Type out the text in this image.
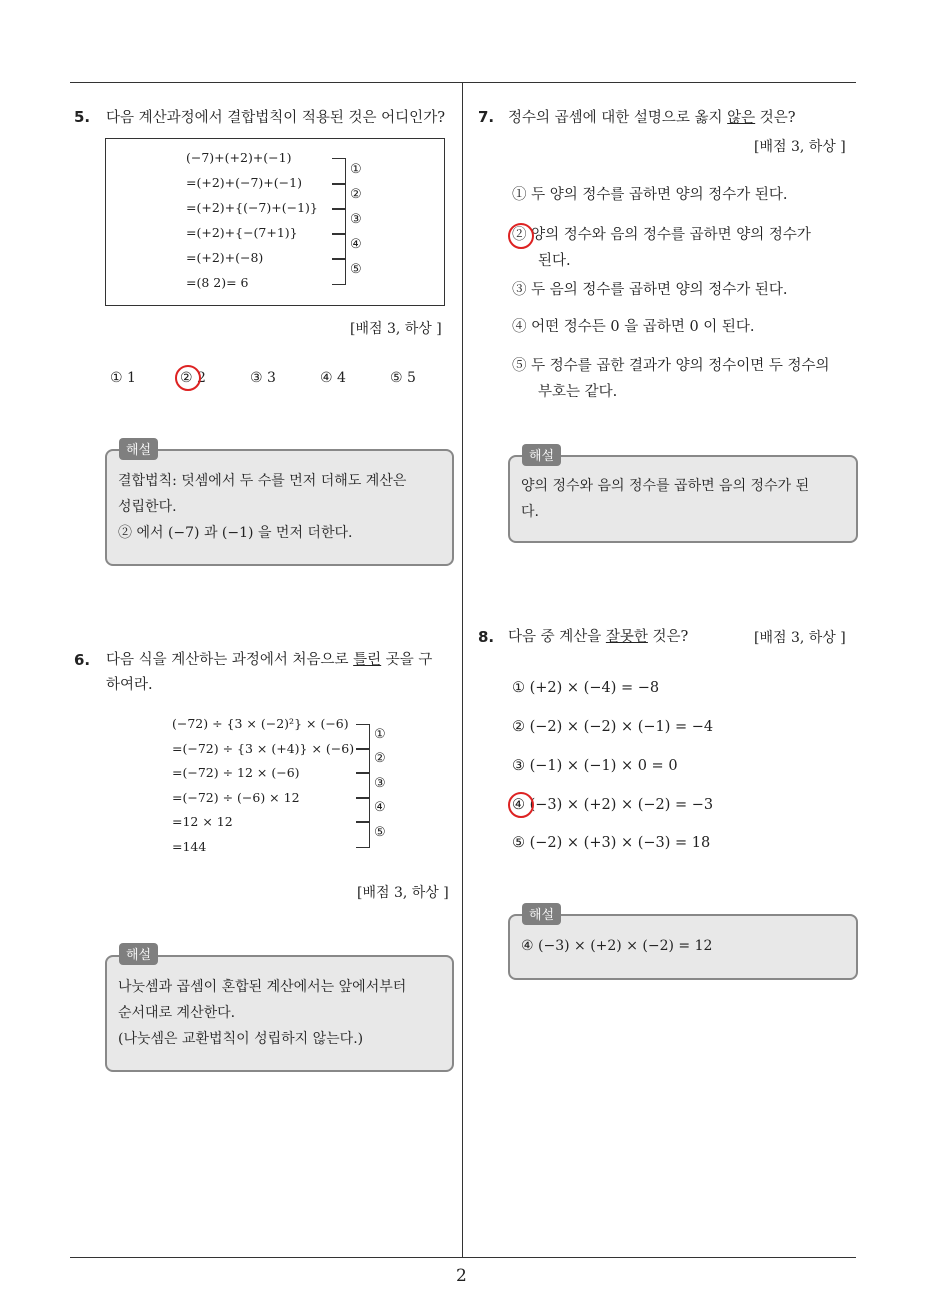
2
5. 다음 계산과정에서 결합법칙이 적용된 것은 어디인가?
(−7)+(+2)+(−1)
=(+2)+(−7)+(−1)
=(+2)+{(−7)+(−1)}
=(+2)+{−(7+1)}
=(+2)+(−8)
=(8 2)= 6
①
②
③
④
⑤
[배점 3, 하상 ]
① 1	② 2	③ 3	④ 4	⑤ 5
해설
결합법칙: 덧셈에서 두 수를 먼저 더해도 계산은
성립한다.
② 에서 (−7) 과 (−1) 을 먼저 더한다.
6. 다음 식을 계산하는 과정에서 처음으로 틀린 곳을 구
하여라.
(−72) ÷ {3 × (−2)²} × (−6)
=(−72) ÷ {3 × (+4)} × (−6)
=(−72) ÷ 12 × (−6)
=(−72) ÷ (−6) × 12
=12 × 12
=144
①
②
③
④
⑤
[배점 3, 하상 ]
해설
나눗셈과 곱셈이 혼합된 계산에서는 앞에서부터
순서대로 계산한다.
(나눗셈은 교환법칙이 성립하지 않는다.)
7. 정수의 곱셈에 대한 설명으로 옳지 않은 것은?
[배점 3, 하상 ]
① 두 양의 정수를 곱하면 양의 정수가 된다.
② 양의 정수와 음의 정수를 곱하면 양의 정수가
된다.
③ 두 음의 정수를 곱하면 양의 정수가 된다.
④ 어떤 정수든 0 을 곱하면 0 이 된다.
⑤ 두 정수를 곱한 결과가 양의 정수이면 두 정수의
부호는 같다.
해설
양의 정수와 음의 정수를 곱하면 음의 정수가 된
다.
8. 다음 중 계산을 잘못한 것은?	[배점 3, 하상 ]
① (+2) × (−4) = −8
② (−2) × (−2) × (−1) = −4
③ (−1) × (−1) × 0 = 0
④ (−3) × (+2) × (−2) = −3
⑤ (−2) × (+3) × (−3) = 18
해설
④ (−3) × (+2) × (−2) = 12
